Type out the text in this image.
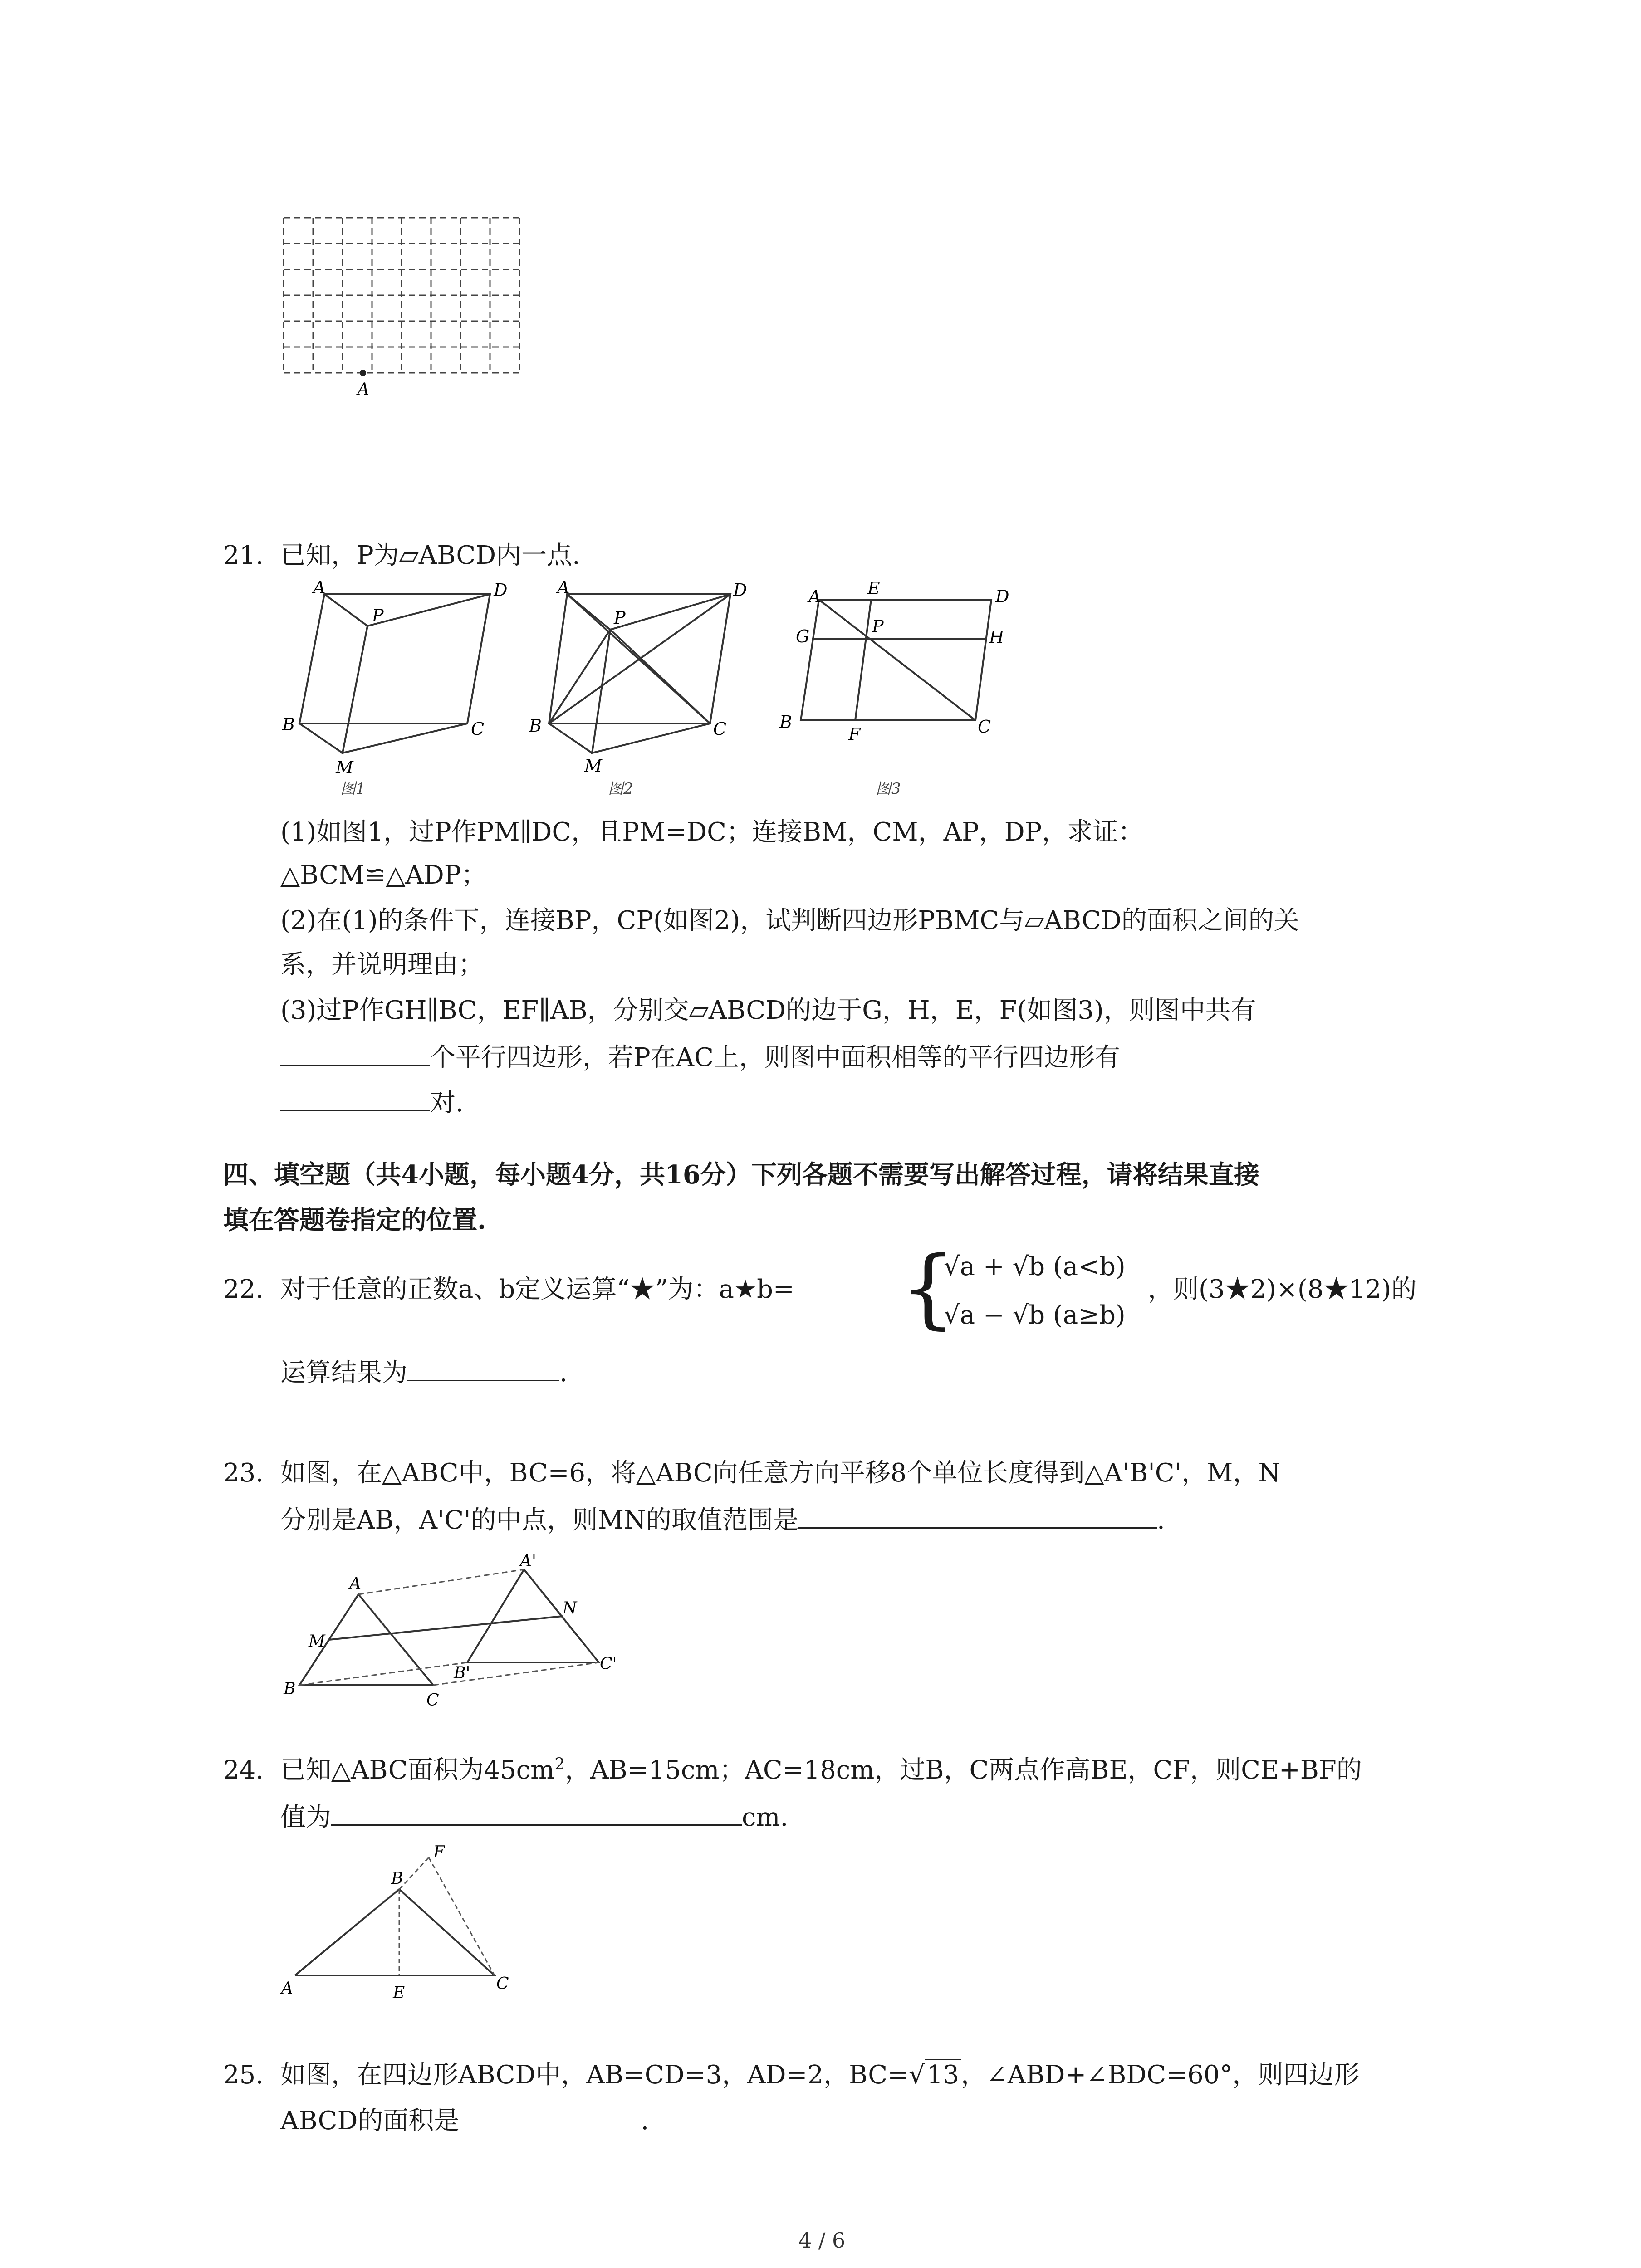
A
21. 已知，P为▱ABCD内一点.
A	D
P
B	C
M
图1
A	D
P
B	C
M
图2
A	E	D
G	P
H
B
F	C
图3
(1)如图1，过P作PM∥DC，且PM=DC；连接BM，CM，AP，DP，求证：
△BCM≌△ADP；
(2)在(1)的条件下，连接BP，CP(如图2)，试判断四边形PBMC与▱ABCD的面积之间的关
系，并说明理由；
(3)过P作GH∥BC，EF∥AB，分别交▱ABCD的边于G，H，E，F(如图3)，则图中共有
个平行四边形，若P在AC上，则图中面积相等的平行四边形有
对.
四、填空题（共4小题，每小题4分，共16分）下列各题不需要写出解答过程，请将结果直接
填在答题卷指定的位置.
22. 对于任意的正数a、b定义运算“★”为：a★b= {
√a + √b (a<b)
√a − √b (a≥b)
，则(3★2)×(8★12)的
运算结果为	.
23. 如图，在△ABC中，BC=6，将△ABC向任意方向平移8个单位长度得到△A'B'C'，M，N
分别是AB，A'C'的中点，则MN的取值范围是	.
A
A'
N
M
B'	C'
B
C
24. 已知△ABC面积为$45cm^2$，AB=15cm；AC=18cm，过B，C两点作高BE，CF，则CE+BF的
值为	cm.
B
F
A	E	C
25. 如图，在四边形ABCD中，AB=CD=3，AD=2，BC=√13，∠ABD+∠BDC=60°，则四边形
ABCD的面积是	.
4 / 6
